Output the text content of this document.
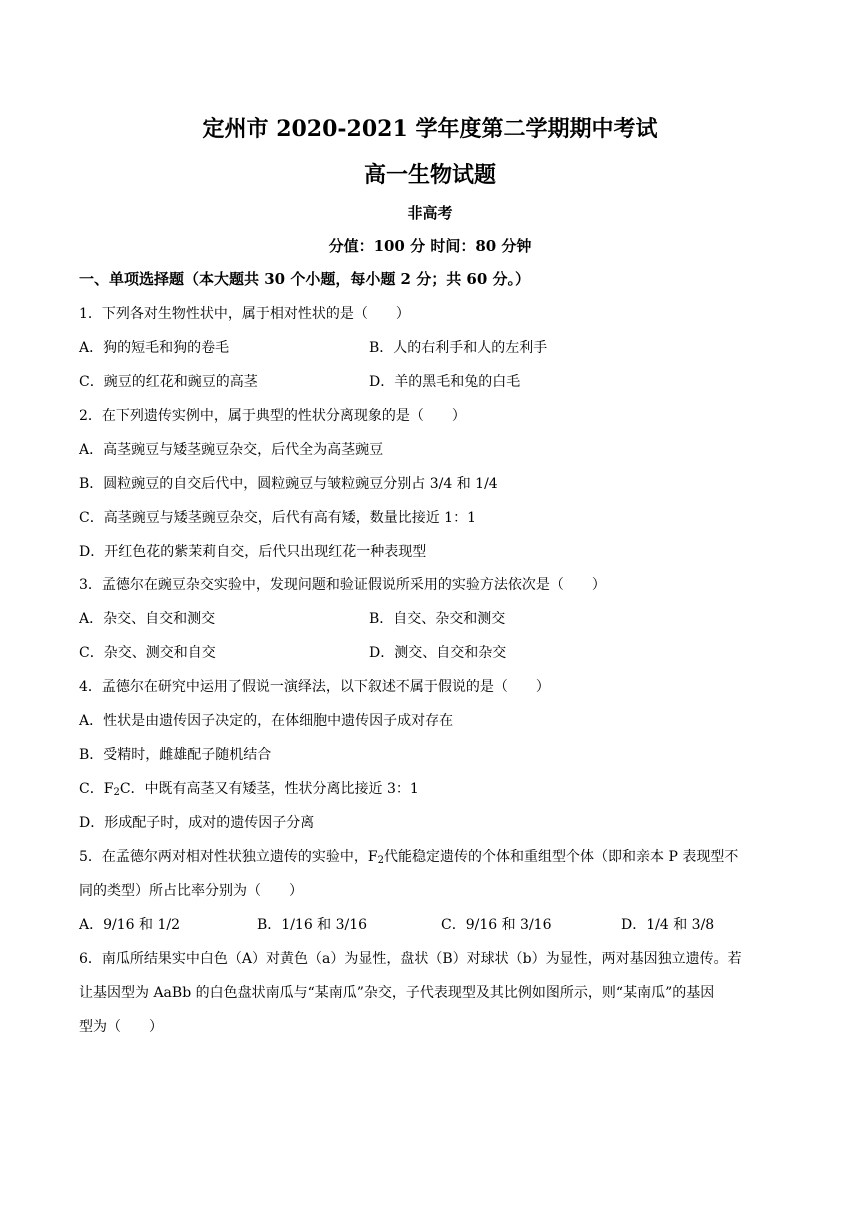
定州市 2020-2021 学年度第二学期期中考试
高一生物试题
非高考
分值：100 分 时间：80 分钟
一、单项选择题（本大题共 30 个小题，每小题 2 分；共 60 分。）
1．下列各对生物性状中，属于相对性状的是（　　）
A．狗的短毛和狗的卷毛	B．人的右利手和人的左利手
C．豌豆的红花和豌豆的高茎	D．羊的黑毛和兔的白毛
2．在下列遗传实例中，属于典型的性状分离现象的是（　　）
A．高茎豌豆与矮茎豌豆杂交，后代全为高茎豌豆
B．圆粒豌豆的自交后代中，圆粒豌豆与皱粒豌豆分别占 3/4 和 1/4
C．高茎豌豆与矮茎豌豆杂交，后代有高有矮，数量比接近 1：1
D．开红色花的紫茉莉自交，后代只出现红花一种表现型
3．孟德尔在豌豆杂交实验中，发现问题和验证假说所采用的实验方法依次是（　　）
A．杂交、自交和测交	B．自交、杂交和测交
C．杂交、测交和自交	D．测交、自交和杂交
4．孟德尔在研究中运用了假说一演绎法，以下叙述不属于假说的是（　　）
A．性状是由遗传因子决定的，在体细胞中遗传因子成对存在
B．受精时，雌雄配子随机结合
C．$F_2C$．中既有高茎又有矮茎，性状分离比接近 3：1
D．形成配子时，成对的遗传因子分离
5．在孟德尔两对相对性状独立遗传的实验中，$F_2$代能稳定遗传的个体和重组型个体（即和亲本 P 表现型不
同的类型）所占比率分别为（　　）
A．9/16 和 1/2	B．1/16 和 3/16	C．9/16 和 3/16	D．1/4 和 3/8
6．南瓜所结果实中白色（A）对黄色（a）为显性，盘状（B）对球状（b）为显性，两对基因独立遗传。若
让基因型为 AaBb 的白色盘状南瓜与“某南瓜”杂交，子代表现型及其比例如图所示，则“某南瓜”的基因
型为（　　）
